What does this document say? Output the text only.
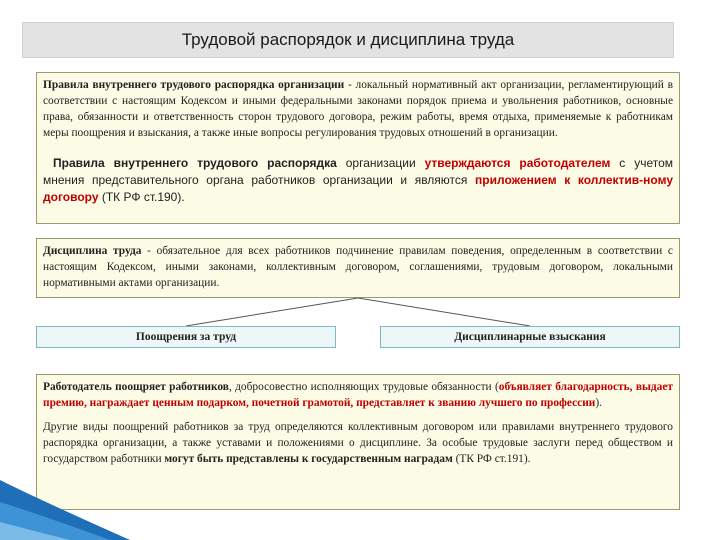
Трудовой распорядок и дисциплина труда

Правила внутреннего трудового распорядка организации - локальный нормативный акт организации, регламентирующий в соответствии с настоящим Кодексом и иными федеральными законами порядок приема и увольнения работников, основные права, обязанности и ответственность сторон трудового договора, режим работы, время отдыха, применяемые к работникам меры поощрения и взыскания, а также иные вопросы регулирования трудовых отношений в организации.

Правила внутреннего трудового распорядка организации утверждаются работодателем с учетом мнения представительного органа работников организации и являются приложением к коллектив-ному договору (ТК РФ ст.190).

Дисциплина труда - обязательное для всех работников подчинение правилам поведения, определенным в соответствии с настоящим Кодексом, иными законами, коллективным договором, соглашениями, трудовым договором, локальными нормативными актами организации.

Поощрения за труд	Дисциплинарные взыскания

Работодатель поощряет работников, добросовестно исполняющих трудовые обязанности (объявляет благодарность, выдает премию, награждает ценным подарком, почетной грамотой, представляет к званию лучшего по профессии).

Другие виды поощрений работников за труд определяются коллективным договором или правилами внутреннего трудового распорядка организации, а также уставами и положениями о дисциплине. За особые трудовые заслуги перед обществом и государством работники могут быть представлены к государственным наградам (ТК РФ ст.191).
